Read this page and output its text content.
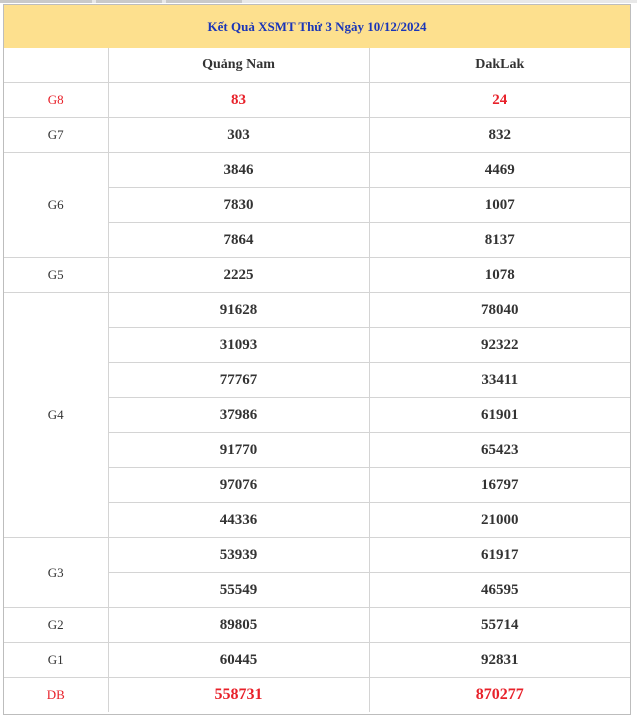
Kết Quả XSMT Thứ 3 Ngày 10/12/2024
	Quảng Nam	DakLak
G8	83	24
G7	303	832
G6	3846	4469
	7830	1007
	7864	8137
G5	2225	1078
G4	91628	78040
	31093	92322
	77767	33411
	37986	61901
	91770	65423
	97076	16797
	44336	21000
G3	53939	61917
	55549	46595
G2	89805	55714
G1	60445	92831
DB	558731	870277
